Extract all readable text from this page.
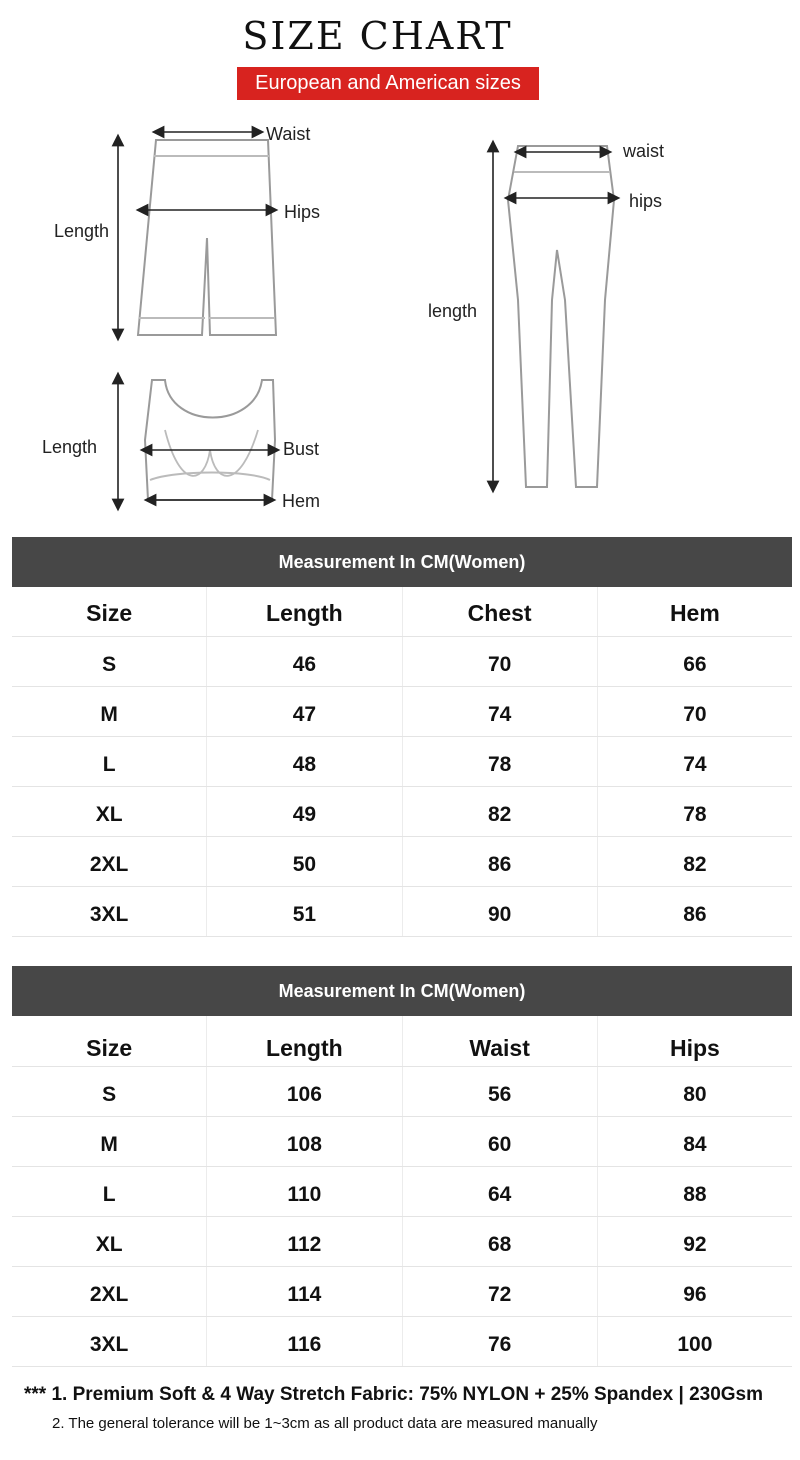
SIZE CHART
European and American sizes
Waist
Hips
Length
Bust
Hem
Length
waist
hips
length
Measurement In CM(Women)
Size	Length	Chest	Hem
S	46	70	66
M	47	74	70
L	48	78	74
XL	49	82	78
2XL	50	86	82
3XL	51	90	86
Measurement In CM(Women)
Size	Length	Waist	Hips
S	106	56	80
M	108	60	84
L	110	64	88
XL	112	68	92
2XL	114	72	96
3XL	116	76	100
*** 1. Premium Soft & 4 Way Stretch Fabric: 75% NYLON + 25% Spandex | 230Gsm
2. The general tolerance will be 1~3cm as all product data are measured manually
